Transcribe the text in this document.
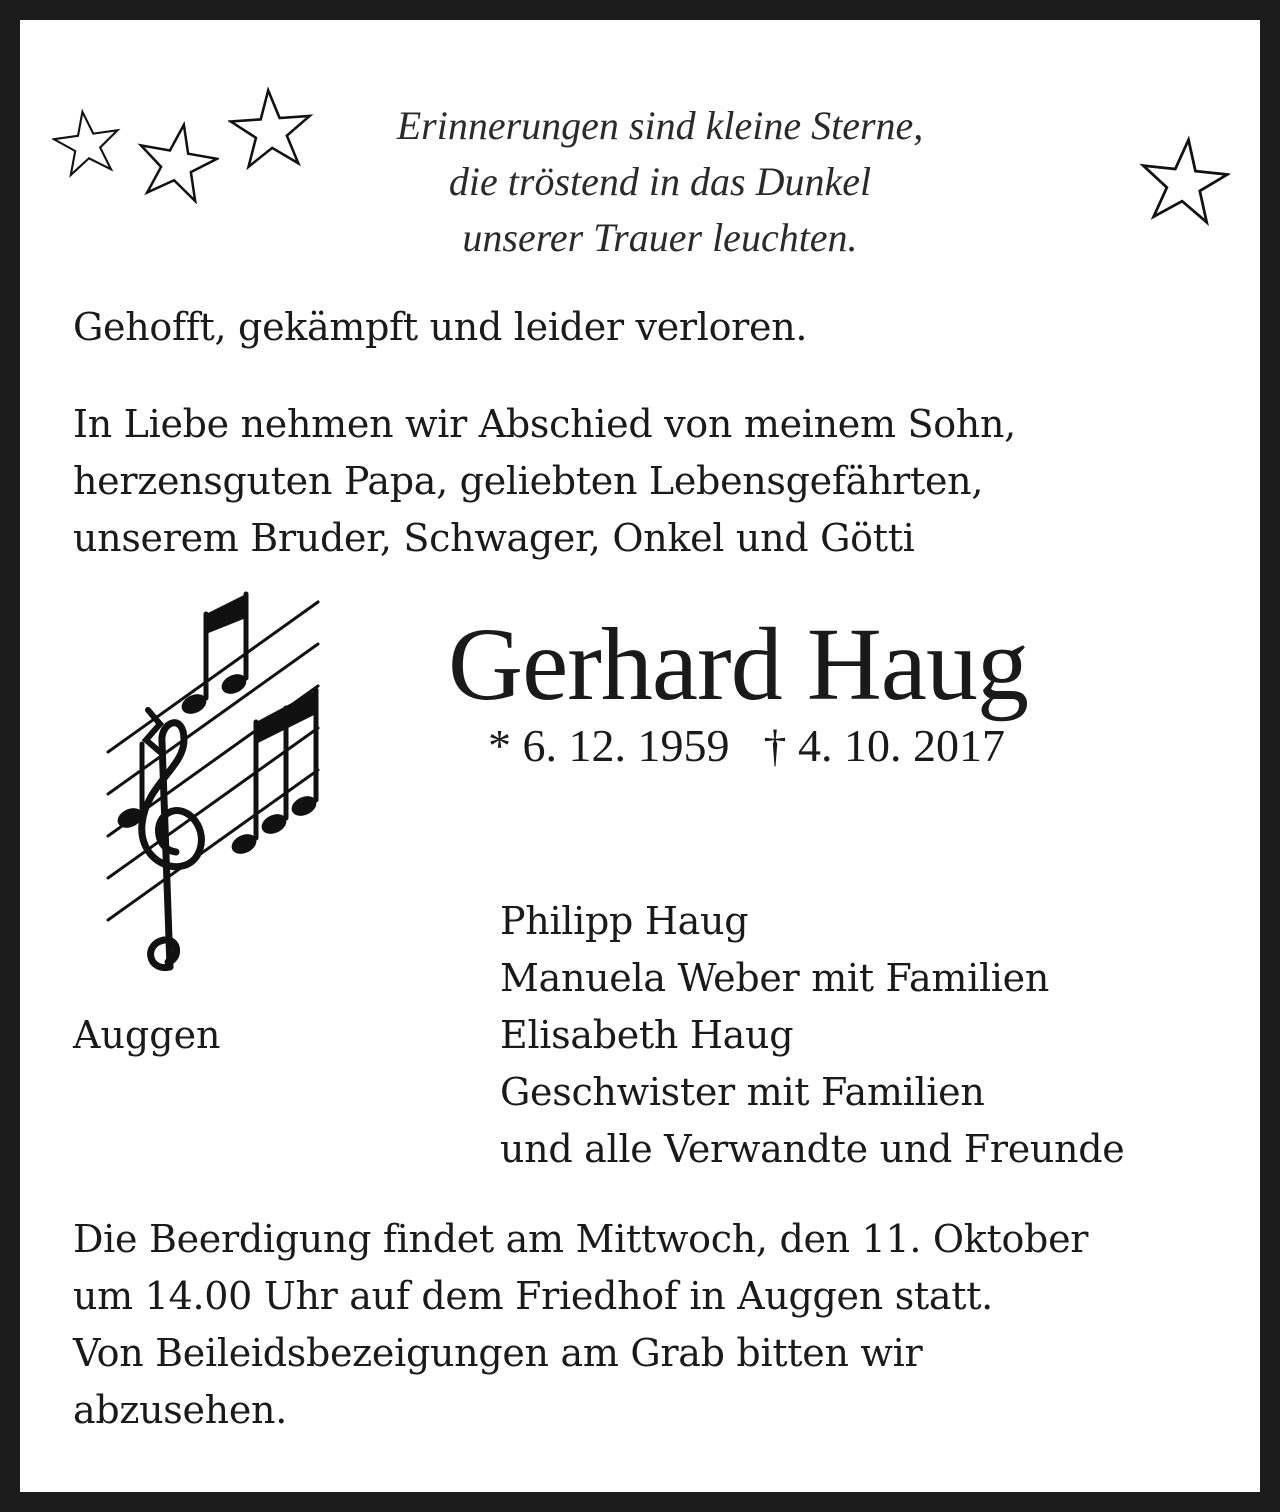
Erinnerungen sind kleine Sterne,
die tröstend in das Dunkel
unserer Trauer leuchten.
Gehofft, gekämpft und leider verloren.
In Liebe nehmen wir Abschied von meinem Sohn,
herzensguten Papa, geliebten Lebensgefährten,
unserem Bruder, Schwager, Onkel und Götti
Gerhard Haug
* 6. 12. 1959 † 4. 10. 2017
Philipp Haug
Manuela Weber mit Familien
Elisabeth Haug
Geschwister mit Familien
und alle Verwandte und Freunde
Auggen
Die Beerdigung findet am Mittwoch, den 11. Oktober
um 14.00 Uhr auf dem Friedhof in Auggen statt.
Von Beileidsbezeigungen am Grab bitten wir
abzusehen.
